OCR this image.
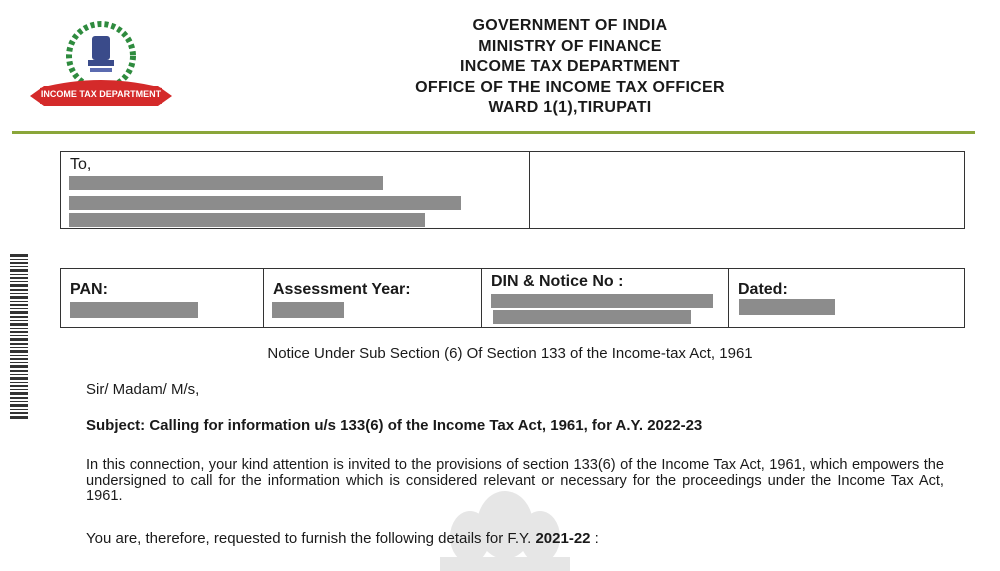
INCOME TAX DEPARTMENT
GOVERNMENT OF INDIA
MINISTRY OF FINANCE
INCOME TAX DEPARTMENT
OFFICE OF THE INCOME TAX OFFICER
WARD 1(1),TIRUPATI
To,
PAN:	Assessment Year:	DIN & Notice No :	Dated:
Notice Under Sub Section (6) Of Section 133 of the Income-tax Act, 1961
Sir/ Madam/ M/s,
Subject: Calling for information u/s 133(6) of the Income Tax Act, 1961, for A.Y. 2022-23
In this connection, your kind attention is invited to the provisions of section 133(6) of the Income Tax Act, 1961, which empowers the undersigned to call for the information which is considered relevant or necessary for the proceedings under the Income Tax Act, 1961.
You are, therefore, requested to furnish the following details for F.Y. 2021-22 :
